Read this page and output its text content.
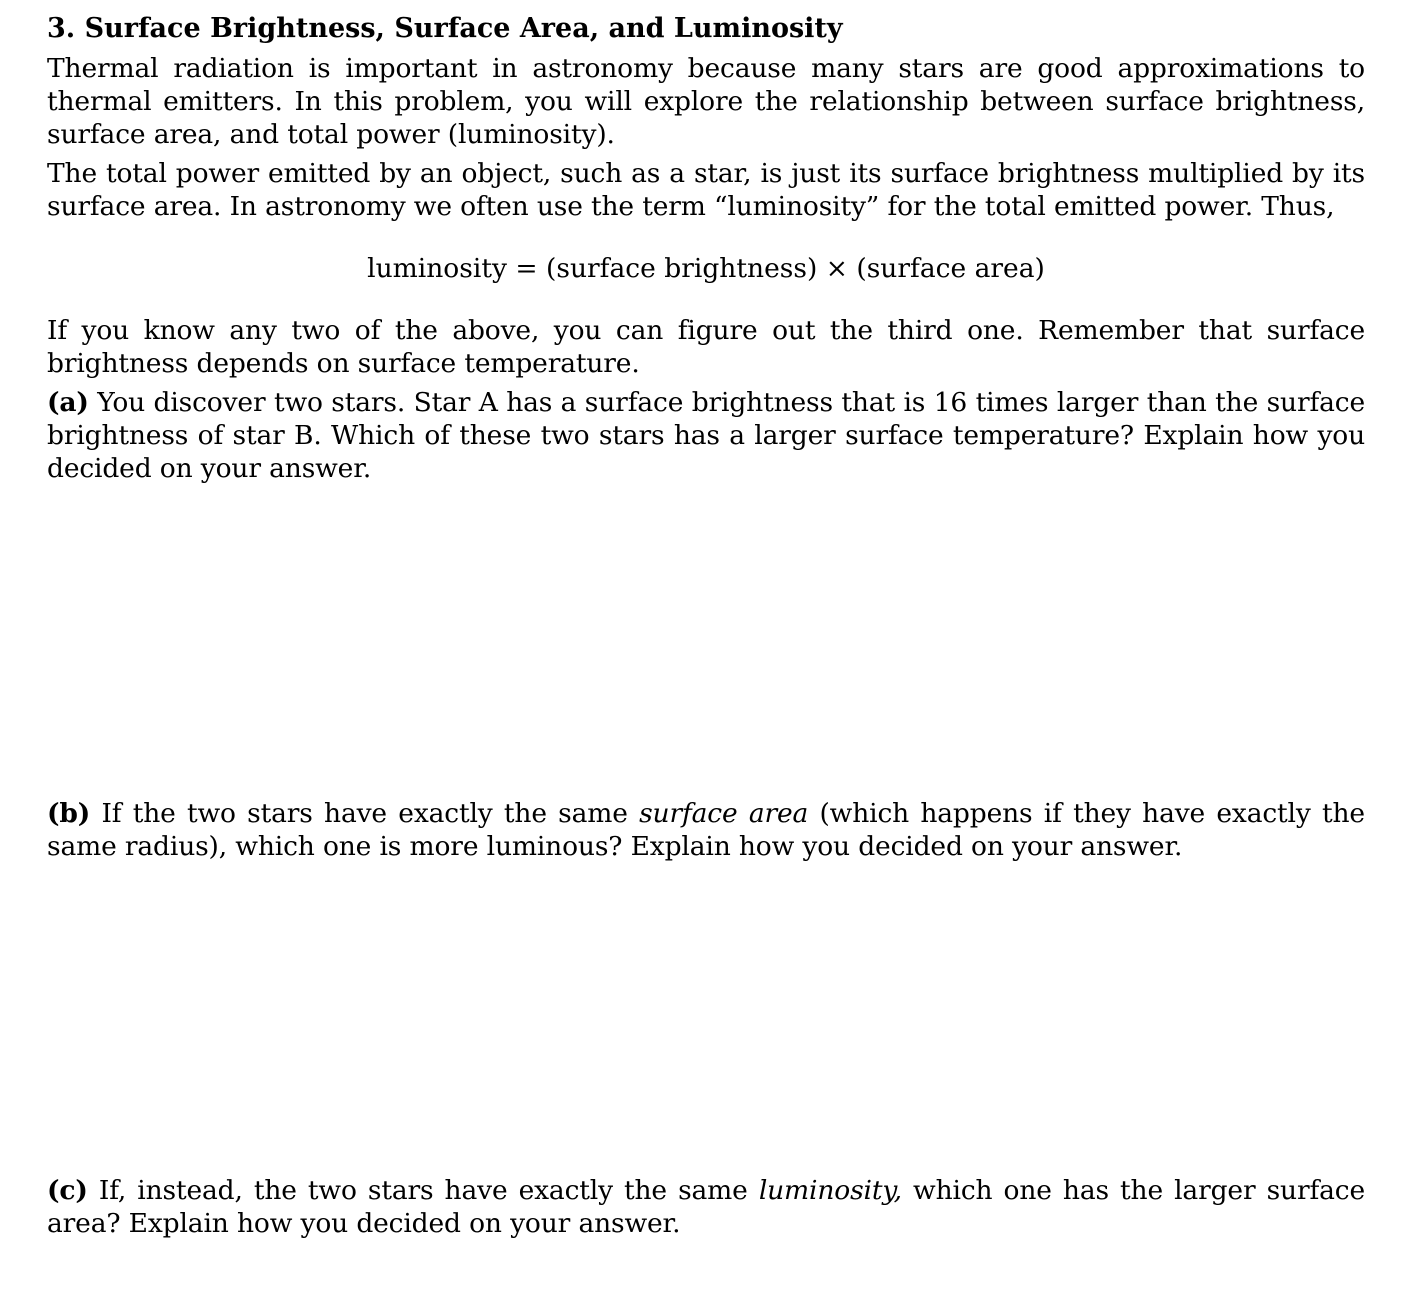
3. Surface Brightness, Surface Area, and Luminosity
Thermal radiation is important in astronomy because many stars are good approximations to thermal emitters. In this problem, you will explore the relationship between surface brightness, surface area, and total power (luminosity).
The total power emitted by an object, such as a star, is just its surface brightness multiplied by its surface area. In astronomy we often use the term “luminosity” for the total emitted power. Thus,
luminosity = (surface brightness) × (surface area)
If you know any two of the above, you can figure out the third one. Remember that surface brightness depends on surface temperature.
(a) You discover two stars. Star A has a surface brightness that is 16 times larger than the surface brightness of star B. Which of these two stars has a larger surface temperature? Explain how you decided on your answer.
(b) If the two stars have exactly the same surface area (which happens if they have exactly the same radius), which one is more luminous? Explain how you decided on your answer.
(c) If, instead, the two stars have exactly the same luminosity, which one has the larger surface area? Explain how you decided on your answer.
